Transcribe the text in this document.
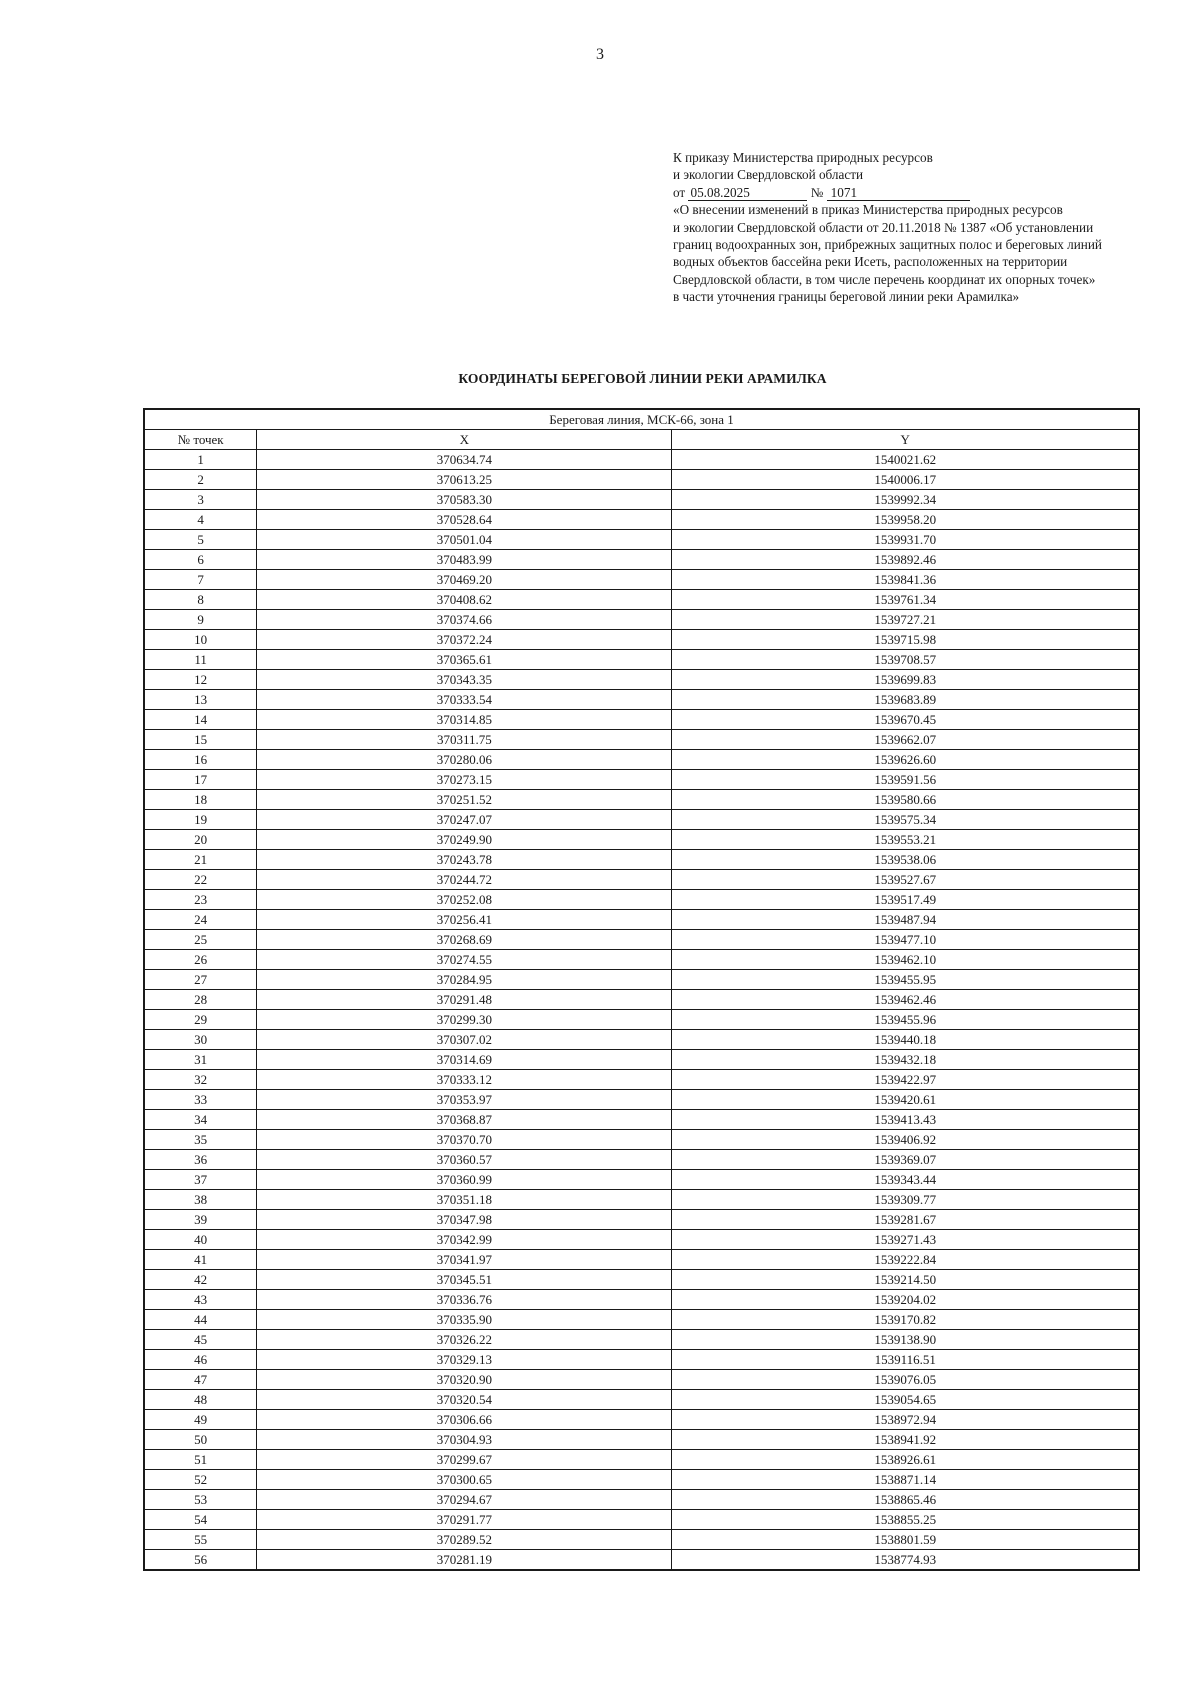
3
К приказу Министерства природных ресурсов
и экологии Свердловской области
от 05.08.2025	№ 1071
«О внесении изменений в приказ Министерства природных ресурсов
и экологии Свердловской области от 20.11.2018 № 1387 «Об установлении
границ водоохранных зон, прибрежных защитных полос и береговых линий
водных объектов бассейна реки Исеть, расположенных на территории
Свердловской области, в том числе перечень координат их опорных точек»
в части уточнения границы береговой линии реки Арамилка»
КООРДИНАТЫ БЕРЕГОВОЙ ЛИНИИ РЕКИ АРАМИЛКА
Береговая линия, МСК-66, зона 1		
№ точек	X	Y
1	370634.74	1540021.62
2	370613.25	1540006.17
3	370583.30	1539992.34
4	370528.64	1539958.20
5	370501.04	1539931.70
6	370483.99	1539892.46
7	370469.20	1539841.36
8	370408.62	1539761.34
9	370374.66	1539727.21
10	370372.24	1539715.98
11	370365.61	1539708.57
12	370343.35	1539699.83
13	370333.54	1539683.89
14	370314.85	1539670.45
15	370311.75	1539662.07
16	370280.06	1539626.60
17	370273.15	1539591.56
18	370251.52	1539580.66
19	370247.07	1539575.34
20	370249.90	1539553.21
21	370243.78	1539538.06
22	370244.72	1539527.67
23	370252.08	1539517.49
24	370256.41	1539487.94
25	370268.69	1539477.10
26	370274.55	1539462.10
27	370284.95	1539455.95
28	370291.48	1539462.46
29	370299.30	1539455.96
30	370307.02	1539440.18
31	370314.69	1539432.18
32	370333.12	1539422.97
33	370353.97	1539420.61
34	370368.87	1539413.43
35	370370.70	1539406.92
36	370360.57	1539369.07
37	370360.99	1539343.44
38	370351.18	1539309.77
39	370347.98	1539281.67
40	370342.99	1539271.43
41	370341.97	1539222.84
42	370345.51	1539214.50
43	370336.76	1539204.02
44	370335.90	1539170.82
45	370326.22	1539138.90
46	370329.13	1539116.51
47	370320.90	1539076.05
48	370320.54	1539054.65
49	370306.66	1538972.94
50	370304.93	1538941.92
51	370299.67	1538926.61
52	370300.65	1538871.14
53	370294.67	1538865.46
54	370291.77	1538855.25
55	370289.52	1538801.59
56	370281.19	1538774.93
